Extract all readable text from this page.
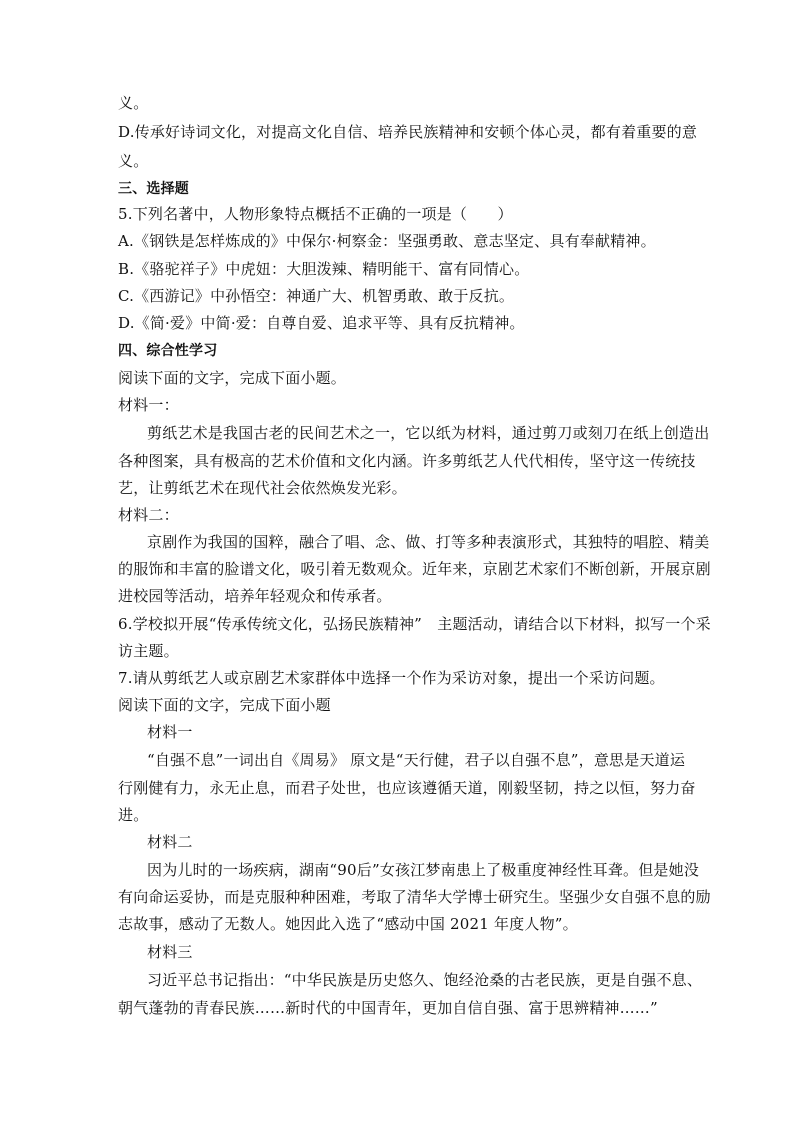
义。
D.传承好诗词文化，对提高文化自信、培养民族精神和安顿个体心灵，都有着重要的意
义。
三、选择题
5.下列名著中，人物形象特点概括不正确的一项是（　　）
A.《钢铁是怎样炼成的》中保尔·柯察金：坚强勇敢、意志坚定、具有奉献精神。
B.《骆驼祥子》中虎妞：大胆泼辣、精明能干、富有同情心。
C.《西游记》中孙悟空：神通广大、机智勇敢、敢于反抗。
D.《简·爱》中简·爱：自尊自爱、追求平等、具有反抗精神。
四、综合性学习
阅读下面的文字，完成下面小题。
材料一：
剪纸艺术是我国古老的民间艺术之一，它以纸为材料，通过剪刀或刻刀在纸上创造出
各种图案，具有极高的艺术价值和文化内涵。许多剪纸艺人代代相传，坚守这一传统技
艺，让剪纸艺术在现代社会依然焕发光彩。
材料二：
京剧作为我国的国粹，融合了唱、念、做、打等多种表演形式，其独特的唱腔、精美
的服饰和丰富的脸谱文化，吸引着无数观众。近年来，京剧艺术家们不断创新，开展京剧
进校园等活动，培养年轻观众和传承者。
6.学校拟开展“传承传统文化，弘扬民族精神”　主题活动，请结合以下材料，拟写一个采
访主题。
7.请从剪纸艺人或京剧艺术家群体中选择一个作为采访对象，提出一个采访问题。
阅读下面的文字，完成下面小题
材料一
“自强不息”一词出自《周易》 原文是“天行健，君子以自强不息”，意思是天道运
行刚健有力，永无止息，而君子处世，也应该遵循天道，刚毅坚韧，持之以恒，努力奋
进。
材料二
因为儿时的一场疾病，湖南“90后”女孩江梦南患上了极重度神经性耳聋。但是她没
有向命运妥协，而是克服种种困难，考取了清华大学博士研究生。坚强少女自强不息的励
志故事，感动了无数人。她因此入选了“感动中国 2021 年度人物”。
材料三
习近平总书记指出：“中华民族是历史悠久、饱经沧桑的古老民族，更是自强不息、
朝气蓬勃的青春民族……新时代的中国青年，更加自信自强、富于思辨精神……”
